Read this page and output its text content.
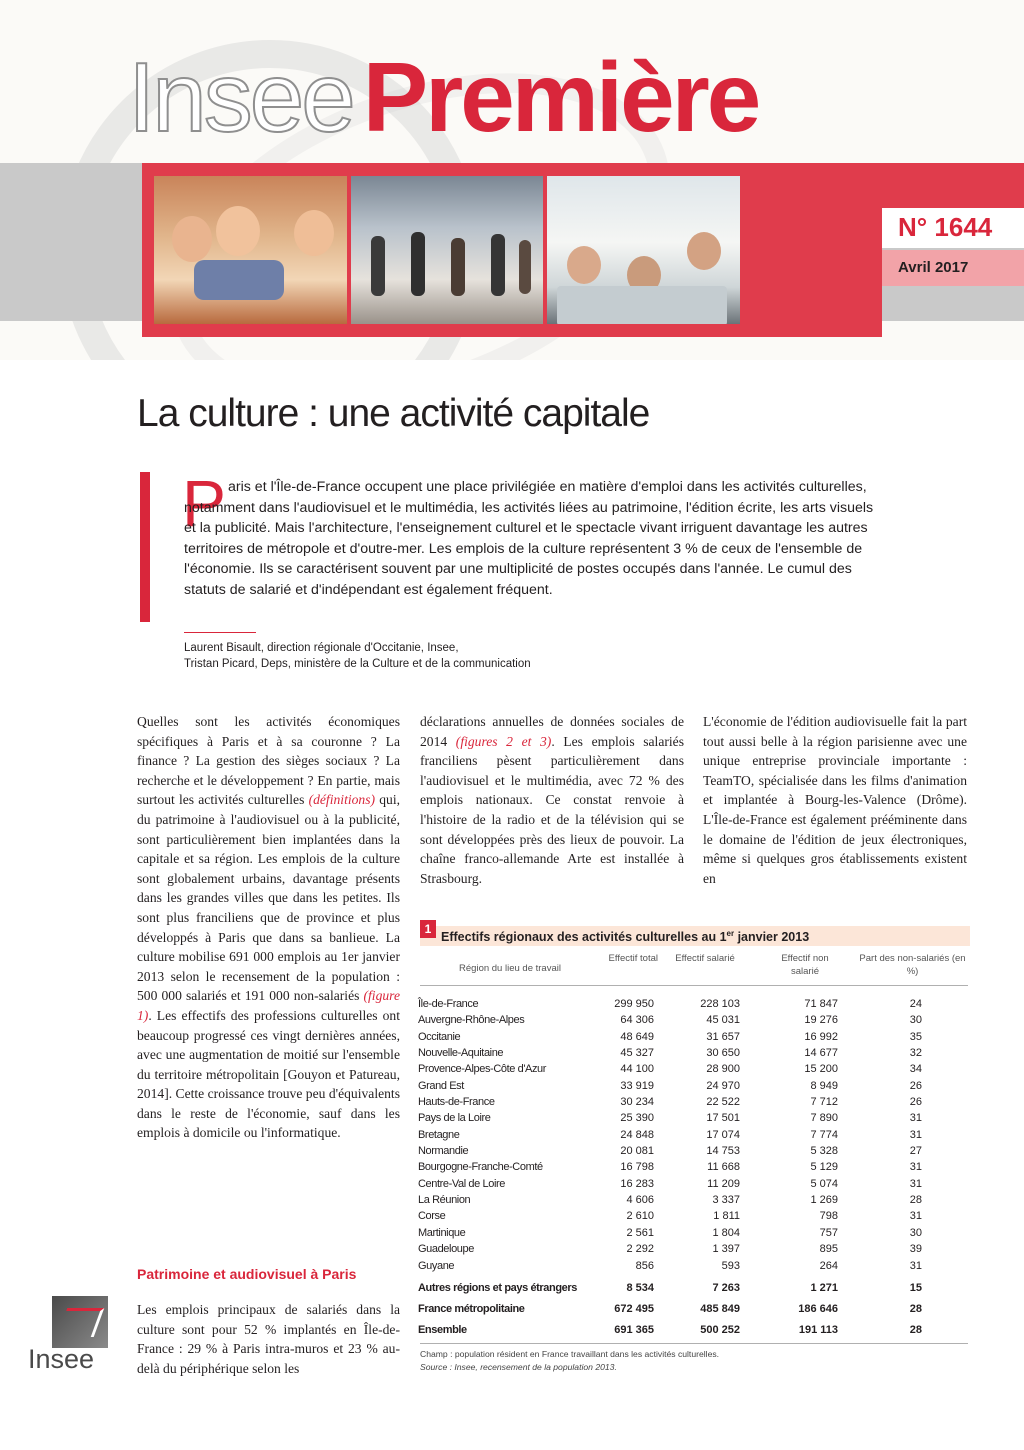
Insee Première
N° 1644
Avril 2017
La culture : une activité capitale
P aris et l'Île-de-France occupent une place privilégiée en matière d'emploi dans les activités culturelles, notamment dans l'audiovisuel et le multimédia, les activités liées au patrimoine, l'édition écrite, les arts visuels et la publicité. Mais l'architecture, l'enseignement culturel et le spectacle vivant irriguent davantage les autres territoires de métropole et d'outre-mer. Les emplois de la culture représentent 3 % de ceux de l'ensemble de l'économie. Ils se caractérisent souvent par une multiplicité de postes occupés dans l'année. Le cumul des statuts de salarié et d'indépendant est également fréquent.

Laurent Bisault, direction régionale d'Occitanie, Insee,
Tristan Picard, Deps, ministère de la Culture et de la communication

Quelles sont les activités économiques spécifiques à Paris et à sa couronne ? La finance ? La gestion des sièges sociaux ? La recherche et le développement ? En partie, mais surtout les activités culturelles (définitions) qui, du patrimoine à l'audiovisuel ou à la publicité, sont particulièrement bien implantées dans la capitale et sa région. Les emplois de la culture sont globalement urbains, davantage présents dans les grandes villes que dans les petites. Ils sont plus franciliens que de province et plus développés à Paris que dans sa banlieue. La culture mobilise 691 000 emplois au 1er janvier 2013 selon le recensement de la population : 500 000 salariés et 191 000 non-salariés (figure 1). Les effectifs des professions culturelles ont beaucoup progressé ces vingt dernières années, avec une augmentation de moitié sur l'ensemble du territoire métropolitain [Gouyon et Patureau, 2014]. Cette croissance trouve peu d'équivalents dans le reste de l'économie, sauf dans les emplois à domicile ou l'informatique.

Patrimoine et audiovisuel à Paris

Les emplois principaux de salariés dans la culture sont pour 52 % implantés en Île-de-France : 29 % à Paris intra-muros et 23 % au-delà du périphérique selon les

déclarations annuelles de données sociales de 2014 (figures 2 et 3). Les emplois salariés franciliens pèsent particulièrement dans l'audiovisuel et le multimédia, avec 72 % des emplois nationaux. Ce constat renvoie à l'histoire de la radio et de la télévision qui se sont développées près des lieux de pouvoir. La chaîne franco-allemande Arte est installée à Strasbourg.

L'économie de l'édition audiovisuelle fait la part tout aussi belle à la région parisienne avec une unique entreprise provinciale importante : TeamTO, spécialisée dans les films d'animation et implantée à Bourg-les-Valence (Drôme). L'Île-de-France est également prééminente dans le domaine de l'édition de jeux électroniques, même si quelques gros établissements existent en

Insee
1
Effectifs régionaux des activités culturelles au 1er janvier 2013
Région du lieu de travail
Effectif total	Effectif salarié	Effectif non salarié
Part des non-salariés (en %)
Île-de-France	299 950	228 103	71 847	24
Auvergne-Rhône-Alpes	64 306	45 031	19 276	30
Occitanie	48 649	31 657	16 992	35
Nouvelle-Aquitaine	45 327	30 650	14 677	32
Provence-Alpes-Côte d'Azur	44 100	28 900	15 200	34
Grand Est	33 919	24 970	8 949	26
Hauts-de-France	30 234	22 522	7 712	26
Pays de la Loire	25 390	17 501	7 890	31
Bretagne	24 848	17 074	7 774	31
Normandie	20 081	14 753	5 328	27
Bourgogne-Franche-Comté	16 798	11 668	5 129	31
Centre-Val de Loire	16 283	11 209	5 074	31
La Réunion	4 606	3 337	1 269	28
Corse	2 610	1 811	798	31
Martinique	2 561	1 804	757	30
Guadeloupe	2 292	1 397	895	39
Guyane	856	593	264	31
Autres régions et pays étrangers	8 534	7 263	1 271	15
France métropolitaine	672 495	485 849	186 646	28
Ensemble	691 365	500 252	191 113	28
Champ : population résident en France travaillant dans les activités culturelles.
Source : Insee, recensement de la population 2013.
